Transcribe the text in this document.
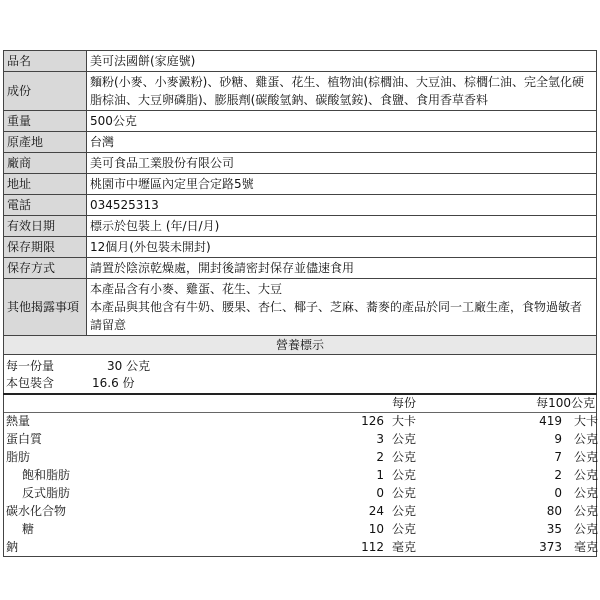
品名	美可法國餅(家庭號)
成份	麵粉(小麥、小麥澱粉)、砂糖、雞蛋、花生、植物油(棕櫚油、大豆油、棕櫚仁油、完全氫化硬脂棕油、大豆卵磷脂)、膨脹劑(碳酸氫鈉、碳酸氫銨)、食鹽、食用香草香料
重量	500公克
原產地	台灣
廠商	美可食品工業股份有限公司
地址	桃園市中壢區內定里合定路5號
電話	034525313
有效日期	標示於包裝上 (年/日/月)
保存期限	12個月(外包裝未開封)
保存方式	請置於陰涼乾燥處，開封後請密封保存並儘速食用
其他揭露事項	本產品含有小麥、雞蛋、花生、大豆
本產品與其他含有牛奶、腰果、杏仁、椰子、芝麻、蕎麥的產品於同一工廠生產，食物過敏者請留意
營養標示
每一份量	30 公克
本包裝含	16.6 份
每份	每100公克
熱量	126 大卡	419 大卡
蛋白質	3 公克	9 公克
脂肪	2 公克	7 公克
飽和脂肪	1 公克	2 公克
反式脂肪	0 公克	0 公克
碳水化合物	24 公克	80 公克
糖	10 公克	35 公克
鈉	112 毫克	373 毫克
